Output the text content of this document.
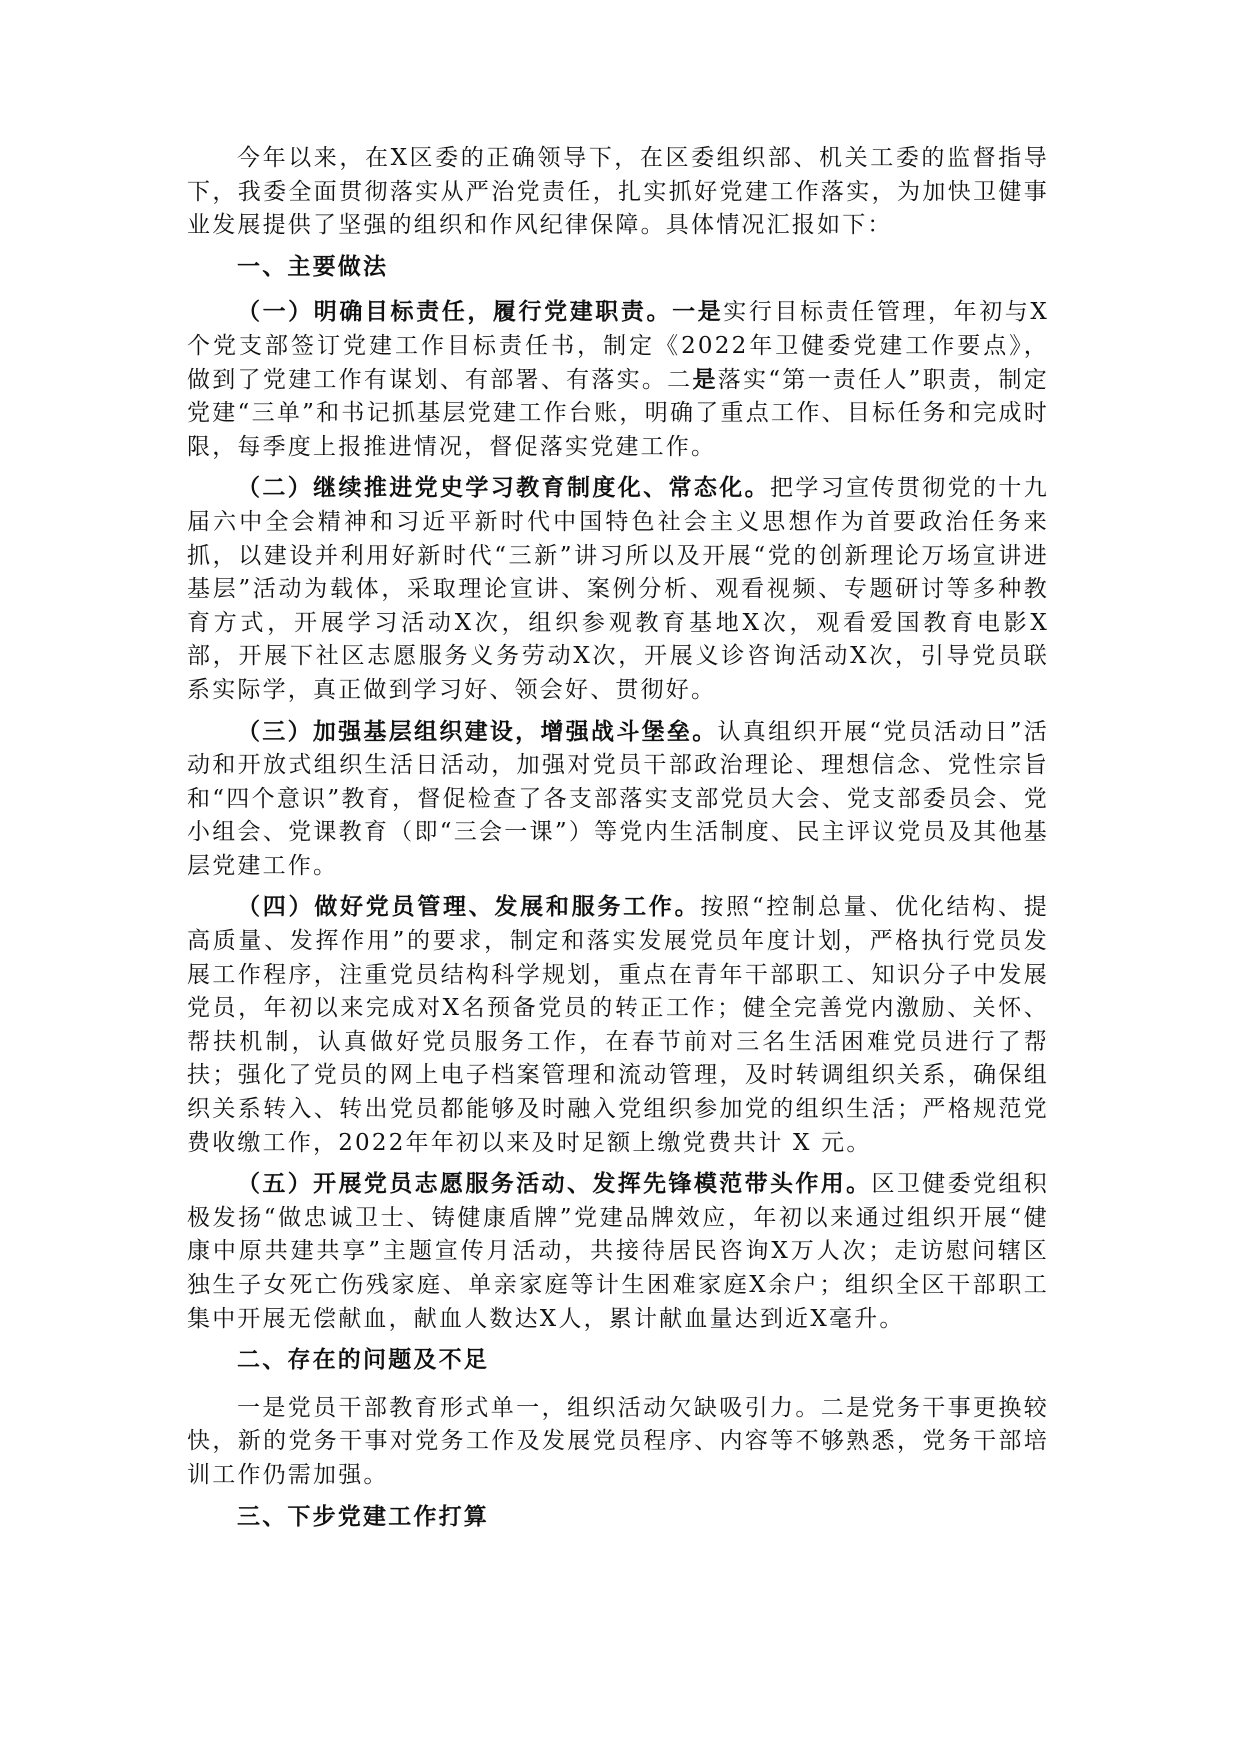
今年以来，在X区委的正确领导下，在区委组织部、机关工委的监督指导下，我委全面贯彻落实从严治党责任，扎实抓好党建工作落实，为加快卫健事业发展提供了坚强的组织和作风纪律保障。具体情况汇报如下：

一、主要做法

（一）明确目标责任，履行党建职责。一是实行目标责任管理，年初与X个党支部签订党建工作目标责任书，制定《2022年卫健委党建工作要点》，做到了党建工作有谋划、有部署、有落实。二是落实“第一责任人”职责，制定党建“三单”和书记抓基层党建工作台账，明确了重点工作、目标任务和完成时限，每季度上报推进情况，督促落实党建工作。

（二）继续推进党史学习教育制度化、常态化。把学习宣传贯彻党的十九届六中全会精神和习近平新时代中国特色社会主义思想作为首要政治任务来抓，以建设并利用好新时代“三新”讲习所以及开展“党的创新理论万场宣讲进基层”活动为载体，采取理论宣讲、案例分析、观看视频、专题研讨等多种教育方式，开展学习活动X次，组织参观教育基地X次，观看爱国教育电影X部，开展下社区志愿服务义务劳动X次，开展义诊咨询活动X次，引导党员联系实际学，真正做到学习好、领会好、贯彻好。

（三）加强基层组织建设，增强战斗堡垒。认真组织开展“党员活动日”活动和开放式组织生活日活动，加强对党员干部政治理论、理想信念、党性宗旨和“四个意识”教育，督促检查了各支部落实支部党员大会、党支部委员会、党小组会、党课教育（即“三会一课”）等党内生活制度、民主评议党员及其他基层党建工作。

（四）做好党员管理、发展和服务工作。按照“控制总量、优化结构、提高质量、发挥作用”的要求，制定和落实发展党员年度计划，严格执行党员发展工作程序，注重党员结构科学规划，重点在青年干部职工、知识分子中发展党员，年初以来完成对X名预备党员的转正工作；健全完善党内激励、关怀、帮扶机制，认真做好党员服务工作，在春节前对三名生活困难党员进行了帮扶；强化了党员的网上电子档案管理和流动管理，及时转调组织关系，确保组织关系转入、转出党员都能够及时融入党组织参加党的组织生活；严格规范党费收缴工作，2022年年初以来及时足额上缴党费共计 X 元。

（五）开展党员志愿服务活动、发挥先锋模范带头作用。区卫健委党组积极发扬“做忠诚卫士、铸健康盾牌”党建品牌效应，年初以来通过组织开展“健康中原共建共享”主题宣传月活动，共接待居民咨询X万人次；走访慰问辖区独生子女死亡伤残家庭、单亲家庭等计生困难家庭X余户；组织全区干部职工集中开展无偿献血，献血人数达X人，累计献血量达到近X毫升。

二、存在的问题及不足

一是党员干部教育形式单一，组织活动欠缺吸引力。二是党务干事更换较快，新的党务干事对党务工作及发展党员程序、内容等不够熟悉，党务干部培训工作仍需加强。

三、下步党建工作打算
